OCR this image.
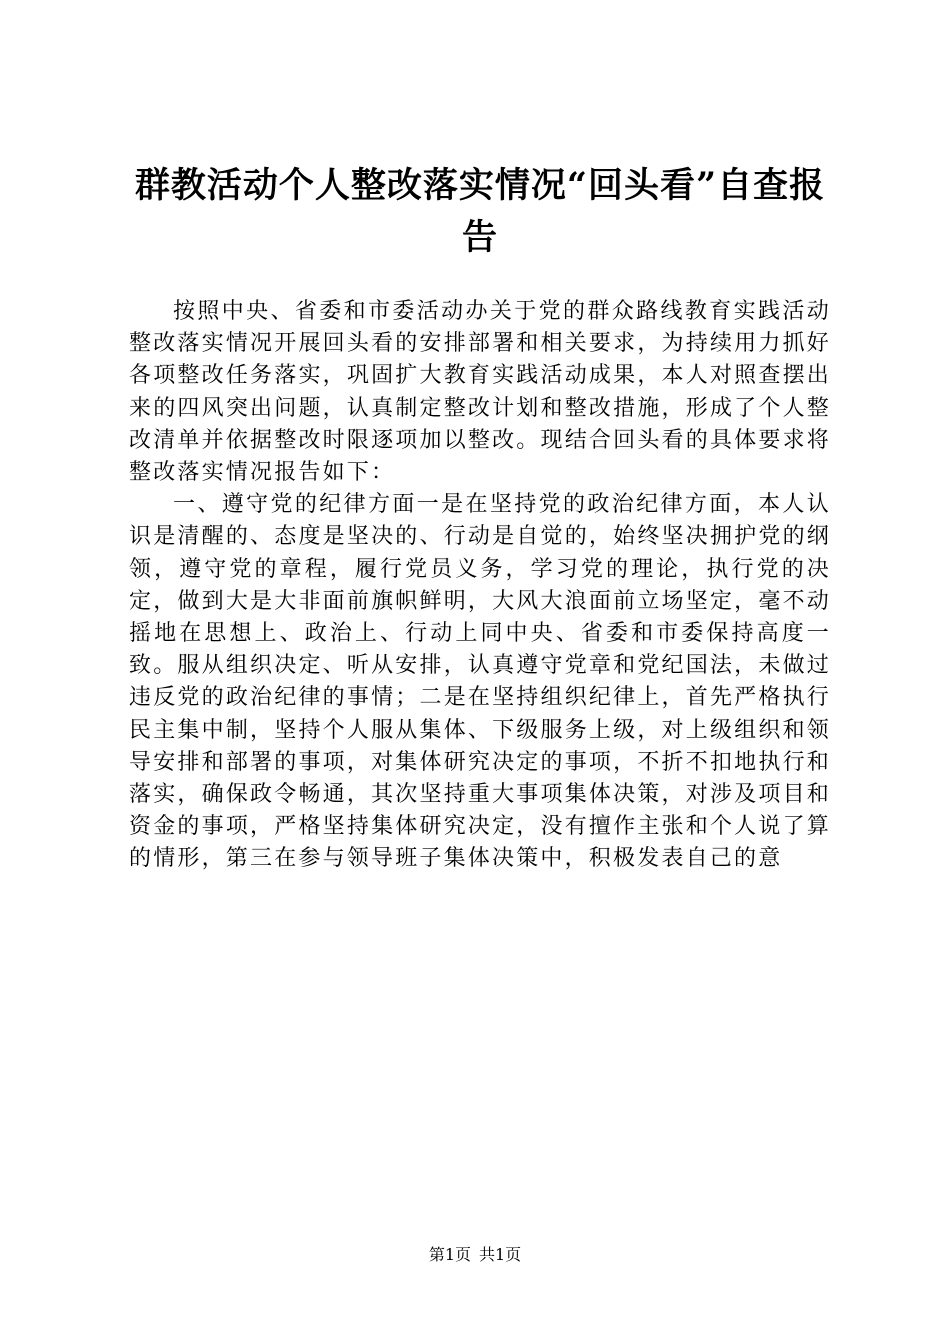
群教活动个人整改落实情况“回头看”自查报告

按照中央、省委和市委活动办关于党的群众路线教育实践活动整改落实情况开展回头看的安排部署和相关要求，为持续用力抓好各项整改任务落实，巩固扩大教育实践活动成果，本人对照查摆出来的四风突出问题，认真制定整改计划和整改措施，形成了个人整改清单并依据整改时限逐项加以整改。现结合回头看的具体要求将整改落实情况报告如下：

一、遵守党的纪律方面一是在坚持党的政治纪律方面，本人认识是清醒的、态度是坚决的、行动是自觉的，始终坚决拥护党的纲领，遵守党的章程，履行党员义务，学习党的理论，执行党的决定，做到大是大非面前旗帜鲜明，大风大浪面前立场坚定，毫不动摇地在思想上、政治上、行动上同中央、省委和市委保持高度一致。服从组织决定、听从安排，认真遵守党章和党纪国法，未做过违反党的政治纪律的事情；二是在坚持组织纪律上，首先严格执行民主集中制，坚持个人服从集体、下级服务上级，对上级组织和领导安排和部署的事项，对集体研究决定的事项，不折不扣地执行和落实，确保政令畅通，其次坚持重大事项集体决策，对涉及项目和资金的事项，严格坚持集体研究决定，没有擅作主张和个人说了算的情形，第三在参与领导班子集体决策中，积极发表自己的意

第1页 共1页
